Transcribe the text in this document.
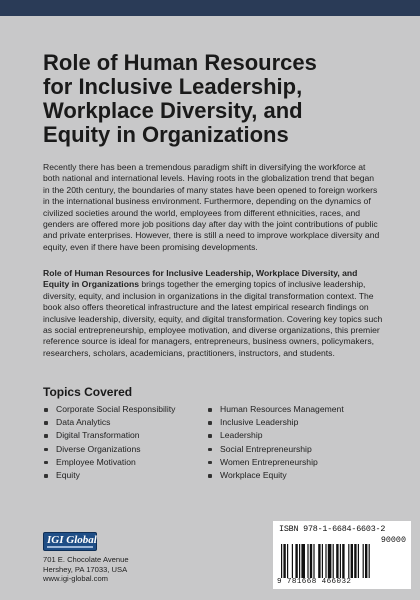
Role of Human Resources
for Inclusive Leadership,
Workplace Diversity, and
Equity in Organizations

Recently there has been a tremendous paradigm shift in diversifying the workforce at both national and international levels. Having roots in the globalization trend that began in the 20th century, the boundaries of many states have been opened to foreign workers in the international business environment. Furthermore, depending on the dynamics of civilized societies around the world, employees from different ethnicities, races, and genders are offered more job positions day after day with the joint contributions of public and private enterprises. However, there is still a need to improve workplace diversity and equity, even if there have been promising developments.

Role of Human Resources for Inclusive Leadership, Workplace Diversity, and Equity in Organizations brings together the emerging topics of inclusive leadership, diversity, equity, and inclusion in organizations in the digital transformation context. The book also offers theoretical infrastructure and the latest empirical research findings on inclusive leadership, diversity, equity, and digital transformation. Covering key topics such as social entrepreneurship, employee motivation, and diverse organizations, this premier reference source is ideal for managers, entrepreneurs, business owners, policymakers, researchers, scholars, academicians, practitioners, instructors, and students.

Topics Covered
Corporate Social Responsibility
Data Analytics
Digital Transformation
Diverse Organizations
Employee Motivation
Equity
Human Resources Management
Inclusive Leadership
Leadership
Social Entrepreneurship
Women Entrepreneurship
Workplace Equity
IGI Global
701 E. Chocolate Avenue
Hershey, PA 17033, USA
www.igi-global.com
ISBN 978-1-6684-6603-2
90000
9 781668 466032
